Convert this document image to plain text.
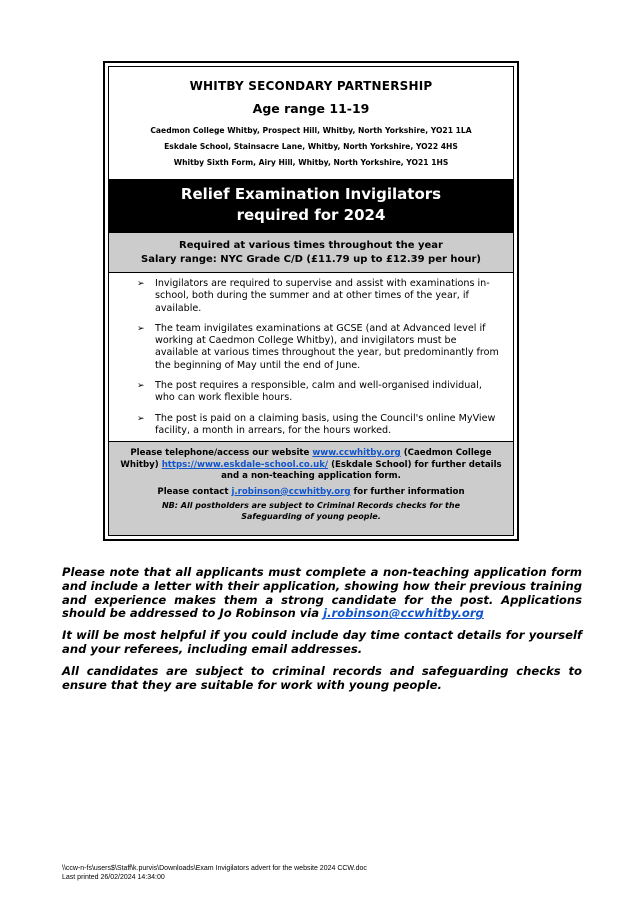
WHITBY SECONDARY PARTNERSHIP
Age range 11-19
Caedmon College Whitby, Prospect Hill, Whitby, North Yorkshire, YO21 1LA
Eskdale School, Stainsacre Lane, Whitby, North Yorkshire, YO22 4HS
Whitby Sixth Form, Airy Hill, Whitby, North Yorkshire, YO21 1HS
Relief Examination Invigilators
required for 2024
Required at various times throughout the year
Salary range: NYC Grade C/D (£11.79 up to £12.39 per hour)
➢ Invigilators are required to supervise and assist with examinations in-school, both during the summer and at other times of the year, if available.
➢ The team invigilates examinations at GCSE (and at Advanced level if working at Caedmon College Whitby), and invigilators must be available at various times throughout the year, but predominantly from the beginning of May until the end of June.
➢ The post requires a responsible, calm and well-organised individual, who can work flexible hours.
➢ The post is paid on a claiming basis, using the Council's online MyView facility, a month in arrears, for the hours worked.
Please telephone/access our website www.ccwhitby.org (Caedmon College Whitby) https://www.eskdale-school.co.uk/ (Eskdale School) for further details and a non-teaching application form.
Please contact j.robinson@ccwhitby.org for further information
NB: All postholders are subject to Criminal Records checks for the
Safeguarding of young people.

Please note that all applicants must complete a non-teaching application form and include a letter with their application, showing how their previous training and experience makes them a strong candidate for the post. Applications should be addressed to Jo Robinson via j.robinson@ccwhitby.org

It will be most helpful if you could include day time contact details for yourself and your referees, including email addresses.

All candidates are subject to criminal records and safeguarding checks to ensure that they are suitable for work with young people.

\\ccw-n-fs\users$\Staff\k.purvis\Downloads\Exam Invigilators advert for the website 2024 CCW.doc
Last printed 26/02/2024 14:34:00
